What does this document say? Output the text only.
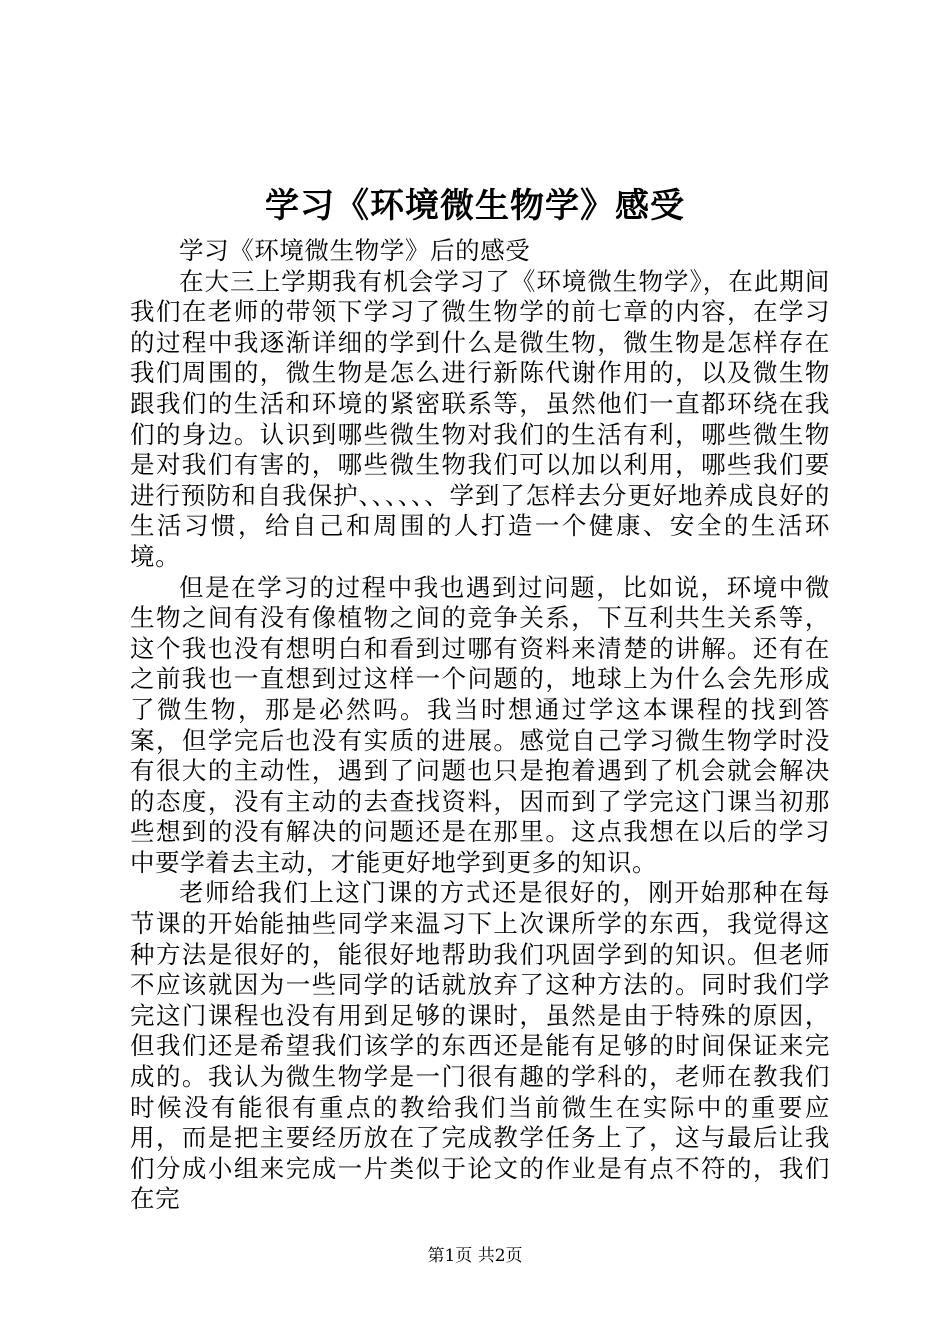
学习《环境微生物学》感受

学习《环境微生物学》后的感受

在大三上学期我有机会学习了《环境微生物学》，在此期间我们在老师的带领下学习了微生物学的前七章的内容，在学习的过程中我逐渐详细的学到什么是微生物，微生物是怎样存在我们周围的，微生物是怎么进行新陈代谢作用的，以及微生物跟我们的生活和环境的紧密联系等，虽然他们一直都环绕在我们的身边。认识到哪些微生物对我们的生活有利，哪些微生物是对我们有害的，哪些微生物我们可以加以利用，哪些我们要进行预防和自我保护、、、、、、学到了怎样去分更好地养成良好的生活习惯，给自己和周围的人打造一个健康、安全的生活环境。

但是在学习的过程中我也遇到过问题，比如说，环境中微生物之间有没有像植物之间的竞争关系，下互利共生关系等，这个我也没有想明白和看到过哪有资料来清楚的讲解。还有在之前我也一直想到过这样一个问题的，地球上为什么会先形成了微生物，那是必然吗。我当时想通过学这本课程的找到答案，但学完后也没有实质的进展。感觉自己学习微生物学时没有很大的主动性，遇到了问题也只是抱着遇到了机会就会解决的态度，没有主动的去查找资料，因而到了学完这门课当初那些想到的没有解决的问题还是在那里。这点我想在以后的学习中要学着去主动，才能更好地学到更多的知识。

老师给我们上这门课的方式还是很好的，刚开始那种在每节课的开始能抽些同学来温习下上次课所学的东西，我觉得这种方法是很好的，能很好地帮助我们巩固学到的知识。但老师不应该就因为一些同学的话就放弃了这种方法的。同时我们学完这门课程也没有用到足够的课时，虽然是由于特殊的原因，但我们还是希望我们该学的东西还是能有足够的时间保证来完成的。我认为微生物学是一门很有趣的学科的，老师在教我们时候没有能很有重点的教给我们当前微生在实际中的重要应用，而是把主要经历放在了完成教学任务上了，这与最后让我们分成小组来完成一片类似于论文的作业是有点不符的，我们在完

第1页 共2页
